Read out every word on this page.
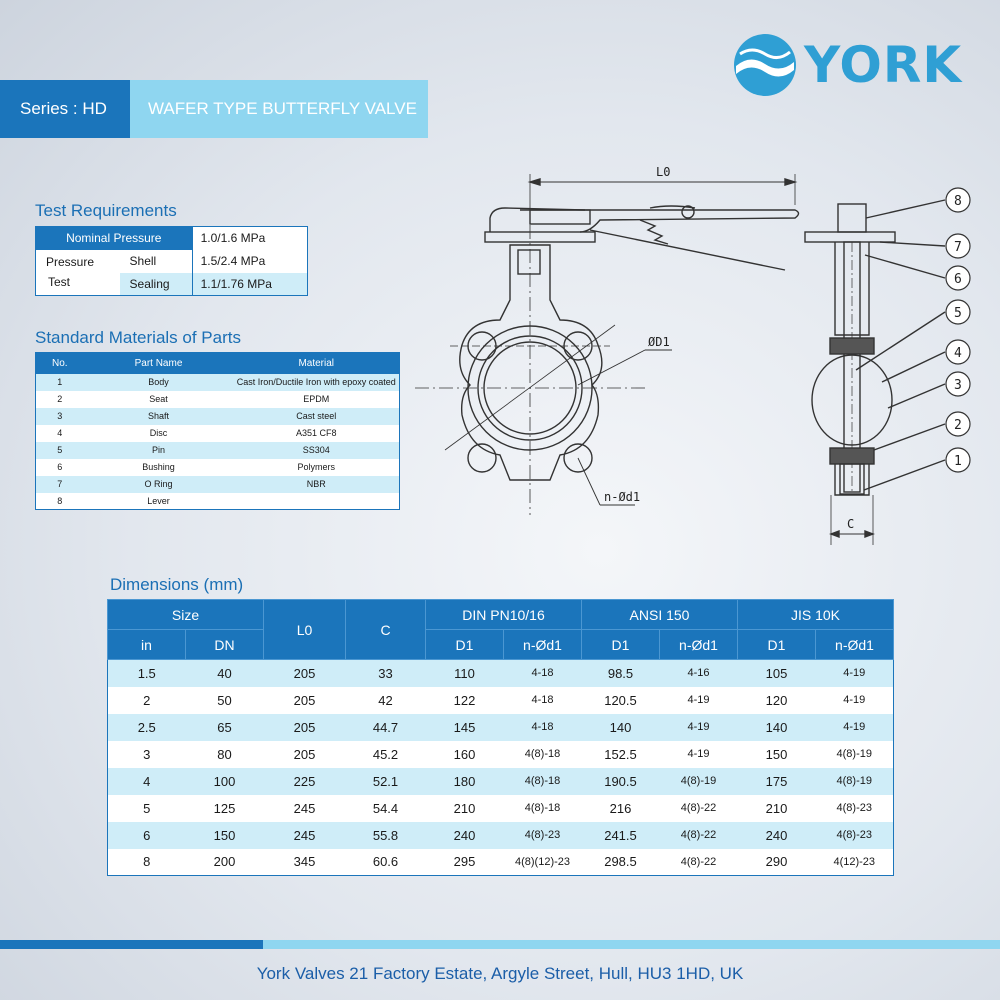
YORK
Series : HD	WAFER TYPE BUTTERFLY VALVE
Test Requirements
Nominal Pressure		1.0/1.6 MPa
Pressure
Test	Shell	1.5/2.4 MPa
	Sealing	1.1/1.76 MPa
Standard Materials of Parts
No.	Part Name	Material
1	Body	Cast Iron/Ductile Iron with epoxy coated
2	Seat	EPDM
3	Shaft	Cast steel
4	Disc	A351 CF8
5	Pin	SS304
6	Bushing	Polymers
7	O Ring	NBR
8	Lever	
L0
ØD1
n-Ød1
C
8
7
6
5
4
3
2
1
Dimensions (mm)
Size		L0	C	DIN PN10/16		ANSI 150		JIS 10K	
in	DN			D1	n-Ød1	D1	n-Ød1	D1	n-Ød1
1.5	40	205	33	110	4-18	98.5	4-16	105	4-19
2	50	205	42	122	4-18	120.5	4-19	120	4-19
2.5	65	205	44.7	145	4-18	140	4-19	140	4-19
3	80	205	45.2	160	4(8)-18	152.5	4-19	150	4(8)-19
4	100	225	52.1	180	4(8)-18	190.5	4(8)-19	175	4(8)-19
5	125	245	54.4	210	4(8)-18	216	4(8)-22	210	4(8)-23
6	150	245	55.8	240	4(8)-23	241.5	4(8)-22	240	4(8)-23
8	200	345	60.6	295	4(8)(12)-23	298.5	4(8)-22	290	4(12)-23
York Valves 21 Factory Estate, Argyle Street, Hull, HU3 1HD, UK
